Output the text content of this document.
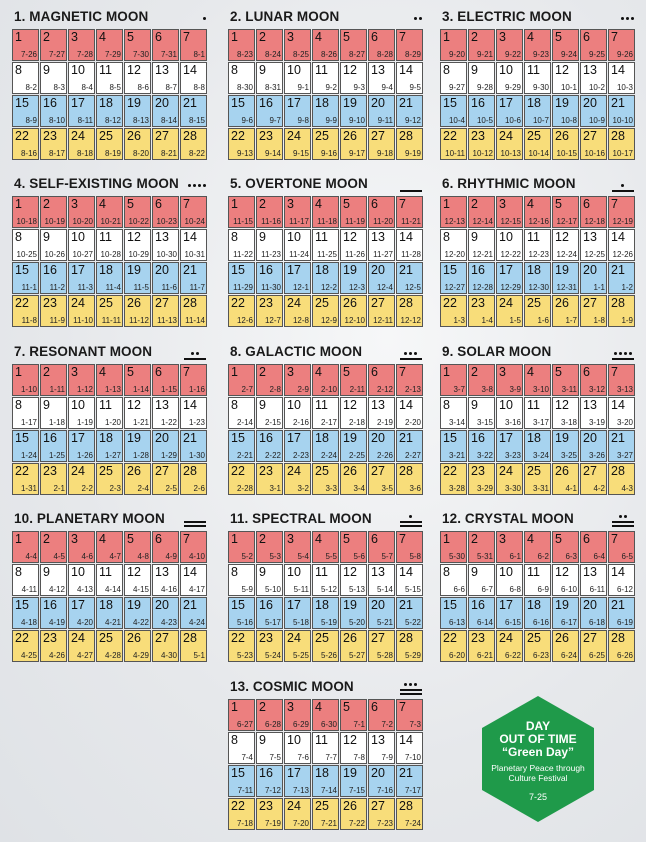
1. MAGNETIC MOON
1
7-26
2
7-27
3
7-28
4
7-29
5
7-30
6
7-31
7
8-1
8
8-2
9
8-3
10
8-4
11
8-5
12
8-6
13
8-7
14
8-8
15
8-9
16
8-10
17
8-11
18
8-12
19
8-13
20
8-14
21
8-15
22
8-16
23
8-17
24
8-18
25
8-19
26
8-20
27
8-21
28
8-22
2. LUNAR MOON
1
8-23
2
8-24
3
8-25
4
8-26
5
8-27
6
8-28
7
8-29
8
8-30
9
8-31
10
9-1
11
9-2
12
9-3
13
9-4
14
9-5
15
9-6
16
9-7
17
9-8
18
9-9
19
9-10
20
9-11
21
9-12
22
9-13
23
9-14
24
9-15
25
9-16
26
9-17
27
9-18
28
9-19
3. ELECTRIC MOON
1
9-20
2
9-21
3
9-22
4
9-23
5
9-24
6
9-25
7
9-26
8
9-27
9
9-28
10
9-29
11
9-30
12
10-1
13
10-2
14
10-3
15
10-4
16
10-5
17
10-6
18
10-7
19
10-8
20
10-9
21
10-10
22
10-11
23
10-12
24
10-13
25
10-14
26
10-15
27
10-16
28
10-17
4. SELF-EXISTING MOON
1
10-18
2
10-19
3
10-20
4
10-21
5
10-22
6
10-23
7
10-24
8
10-25
9
10-26
10
10-27
11
10-28
12
10-29
13
10-30
14
10-31
15
11-1
16
11-2
17
11-3
18
11-4
19
11-5
20
11-6
21
11-7
22
11-8
23
11-9
24
11-10
25
11-11
26
11-12
27
11-13
28
11-14
5. OVERTONE MOON
1
11-15
2
11-16
3
11-17
4
11-18
5
11-19
6
11-20
7
11-21
8
11-22
9
11-23
10
11-24
11
11-25
12
11-26
13
11-27
14
11-28
15
11-29
16
11-30
17
12-1
18
12-2
19
12-3
20
12-4
21
12-5
22
12-6
23
12-7
24
12-8
25
12-9
26
12-10
27
12-11
28
12-12
6. RHYTHMIC MOON
1
12-13
2
12-14
3
12-15
4
12-16
5
12-17
6
12-18
7
12-19
8
12-20
9
12-21
10
12-22
11
12-23
12
12-24
13
12-25
14
12-26
15
12-27
16
12-28
17
12-29
18
12-30
19
12-31
20
1-1
21
1-2
22
1-3
23
1-4
24
1-5
25
1-6
26
1-7
27
1-8
28
1-9
7. RESONANT MOON
1
1-10
2
1-11
3
1-12
4
1-13
5
1-14
6
1-15
7
1-16
8
1-17
9
1-18
10
1-19
11
1-20
12
1-21
13
1-22
14
1-23
15
1-24
16
1-25
17
1-26
18
1-27
19
1-28
20
1-29
21
1-30
22
1-31
23
2-1
24
2-2
25
2-3
26
2-4
27
2-5
28
2-6
8. GALACTIC MOON
1
2-7
2
2-8
3
2-9
4
2-10
5
2-11
6
2-12
7
2-13
8
2-14
9
2-15
10
2-16
11
2-17
12
2-18
13
2-19
14
2-20
15
2-21
16
2-22
17
2-23
18
2-24
19
2-25
20
2-26
21
2-27
22
2-28
23
3-1
24
3-2
25
3-3
26
3-4
27
3-5
28
3-6
9. SOLAR MOON
1
3-7
2
3-8
3
3-9
4
3-10
5
3-11
6
3-12
7
3-13
8
3-14
9
3-15
10
3-16
11
3-17
12
3-18
13
3-19
14
3-20
15
3-21
16
3-22
17
3-23
18
3-24
19
3-25
20
3-26
21
3-27
22
3-28
23
3-29
24
3-30
25
3-31
26
4-1
27
4-2
28
4-3
10. PLANETARY MOON
1
4-4
2
4-5
3
4-6
4
4-7
5
4-8
6
4-9
7
4-10
8
4-11
9
4-12
10
4-13
11
4-14
12
4-15
13
4-16
14
4-17
15
4-18
16
4-19
17
4-20
18
4-21
19
4-22
20
4-23
21
4-24
22
4-25
23
4-26
24
4-27
25
4-28
26
4-29
27
4-30
28
5-1
11. SPECTRAL MOON
1
5-2
2
5-3
3
5-4
4
5-5
5
5-6
6
5-7
7
5-8
8
5-9
9
5-10
10
5-11
11
5-12
12
5-13
13
5-14
14
5-15
15
5-16
16
5-17
17
5-18
18
5-19
19
5-20
20
5-21
21
5-22
22
5-23
23
5-24
24
5-25
25
5-26
26
5-27
27
5-28
28
5-29
12. CRYSTAL MOON
1
5-30
2
5-31
3
6-1
4
6-2
5
6-3
6
6-4
7
6-5
8
6-6
9
6-7
10
6-8
11
6-9
12
6-10
13
6-11
14
6-12
15
6-13
16
6-14
17
6-15
18
6-16
19
6-17
20
6-18
21
6-19
22
6-20
23
6-21
24
6-22
25
6-23
26
6-24
27
6-25
28
6-26
13. COSMIC MOON
1
6-27
2
6-28
3
6-29
4
6-30
5
7-1
6
7-2
7
7-3
8
7-4
9
7-5
10
7-6
11
7-7
12
7-8
13
7-9
14
7-10
15
7-11
16
7-12
17
7-13
18
7-14
19
7-15
20
7-16
21
7-17
22
7-18
23
7-19
24
7-20
25
7-21
26
7-22
27
7-23
28
7-24
DAY
OUT OF TIME
“Green Day”
Planetary Peace through
Culture Festival
7-25
